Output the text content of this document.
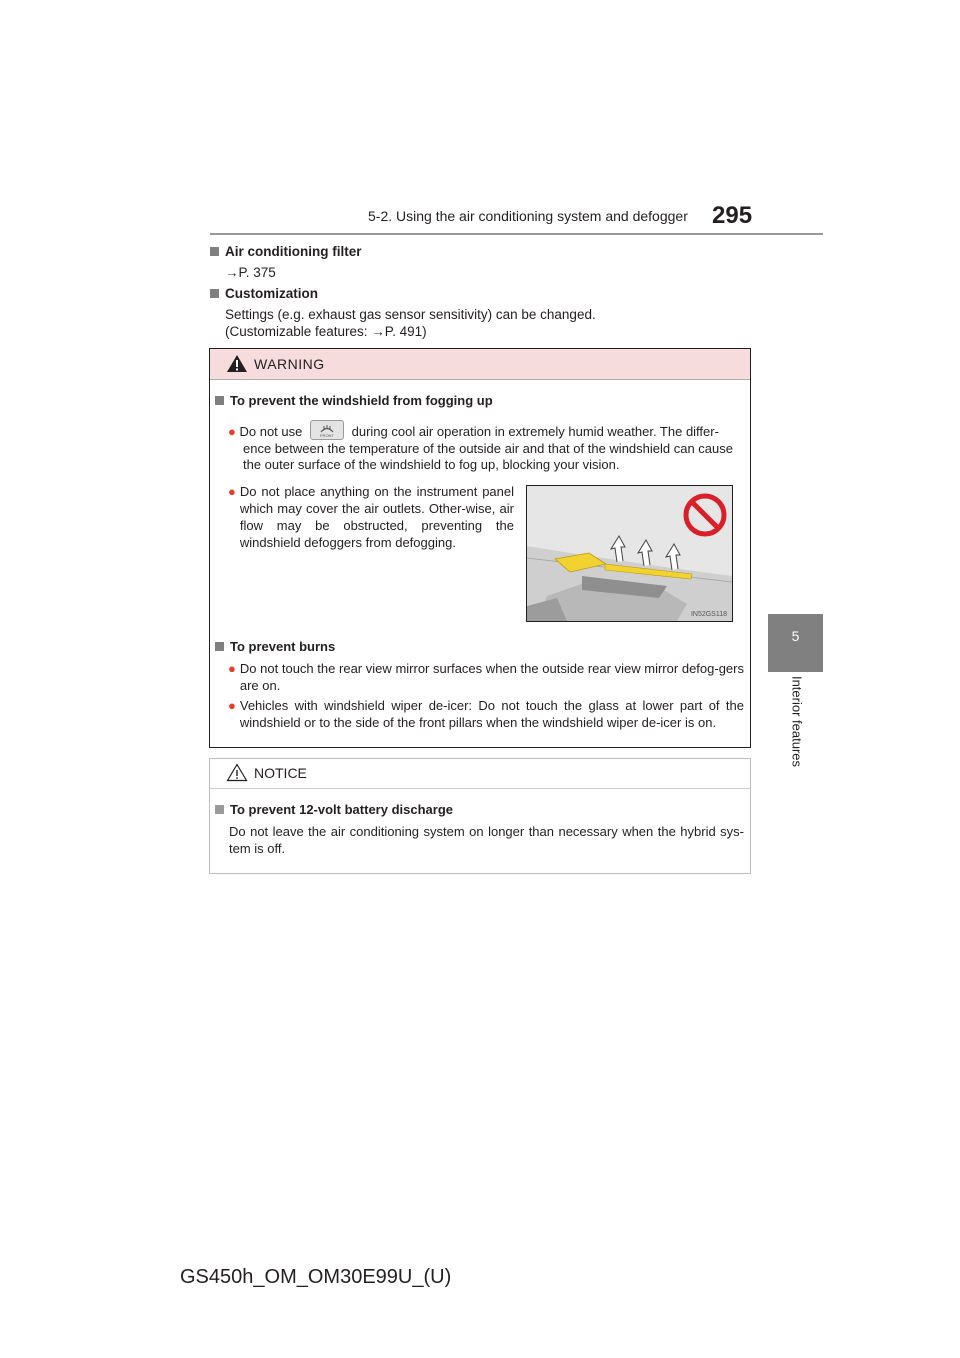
5-2. Using the air conditioning system and defogger 295
5
Interior features
Air conditioning filter
→P. 375
Customization
Settings (e.g. exhaust gas sensor sensitivity) can be changed.
(Customizable features: →P. 491)
WARNING
To prevent the windshield from fogging up
● Do not use	FRONT during cool air operation in extremely humid weather. The differ-
ence between the temperature of the outside air and that of the windshield can cause
the outer surface of the windshield to fog up, blocking your vision.
● Do not place anything on the instrument panel which may cover the air outlets. Other-wise, air flow may be obstructed, preventing the windshield defoggers from defogging.
IN52GS118
To prevent burns
● Do not touch the rear view mirror surfaces when the outside rear view mirror defog-gers are on.
● Vehicles with windshield wiper de-icer: Do not touch the glass at lower part of the windshield or to the side of the front pillars when the windshield wiper de-icer is on.
NOTICE
To prevent 12-volt battery discharge
Do not leave the air conditioning system on longer than necessary when the hybrid sys-tem is off.
GS450h_OM_OM30E99U_(U)
